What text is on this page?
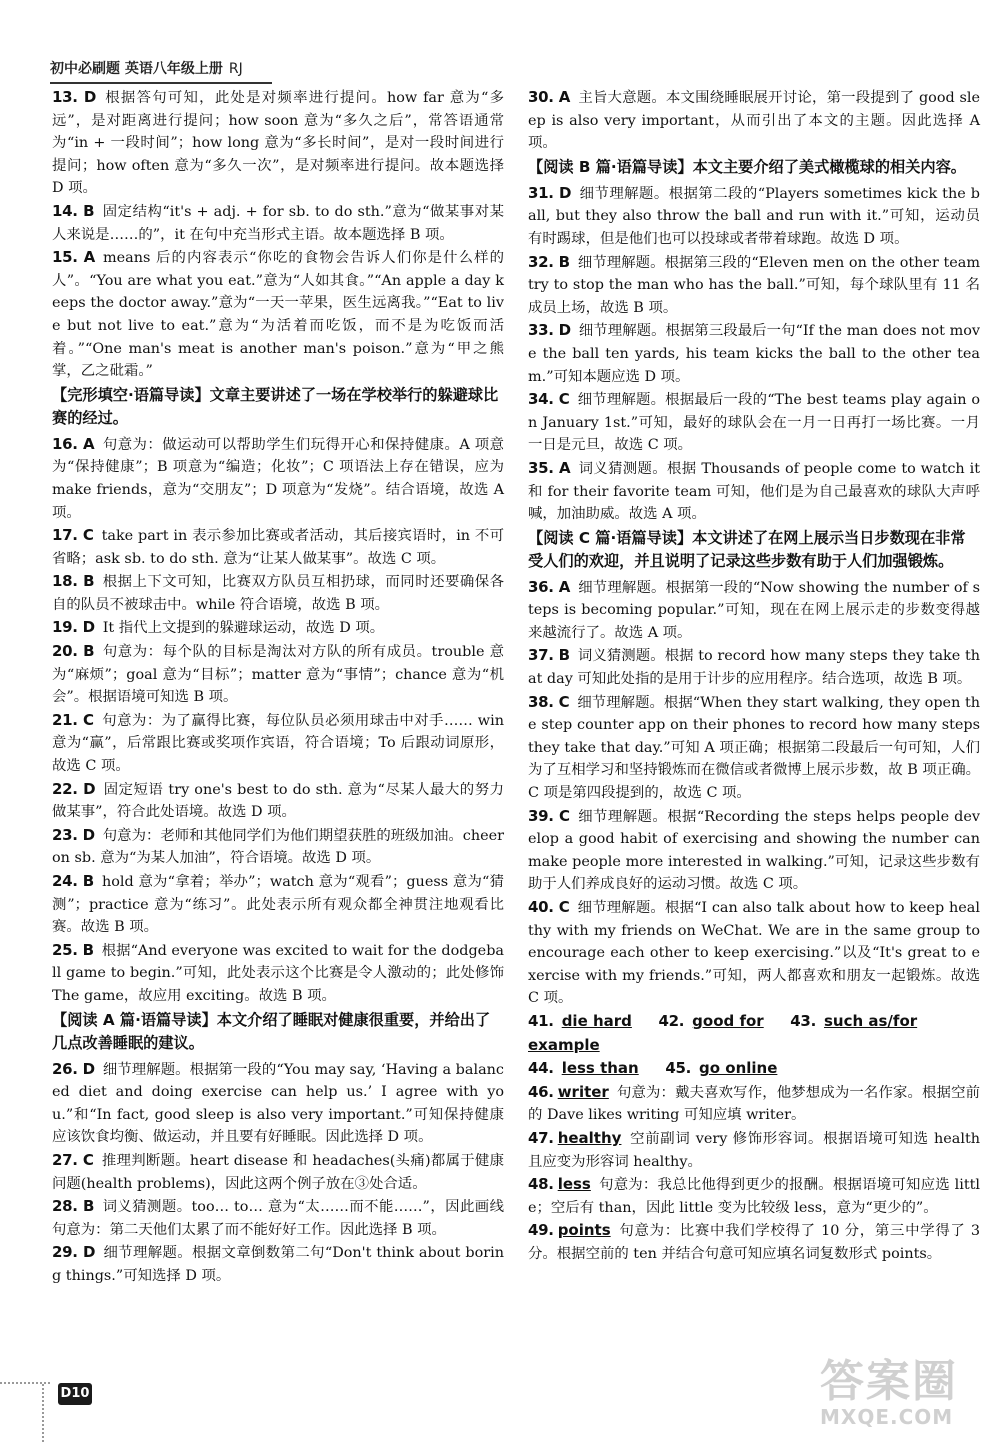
初中必刷题 英语八年级上册 RJ

13. D 根据答句可知，此处是对频率进行提问。how far 意为“多远”，是对距离进行提问；how soon 意为“多久之后”，常答语通常为“in + 一段时间”；how long 意为“多长时间”，是对一段时间进行提问；how often 意为“多久一次”，是对频率进行提问。故本题选择 D 项。

14. B 固定结构“it's + adj. + for sb. to do sth.”意为“做某事对某人来说是……的”，it 在句中充当形式主语。故本题选择 B 项。

15. A means 后的内容表示“你吃的食物会告诉人们你是什么样的人”。“You are what you eat.”意为“人如其食。”“An apple a day keeps the doctor away.”意为“一天一苹果，医生远离我。”“Eat to live but not live to eat.”意为“为活着而吃饭，而不是为吃饭而活着。”“One man's meat is another man's poison.”意为“甲之熊掌，乙之砒霜。”

【完形填空·语篇导读】文章主要讲述了一场在学校举行的躲避球比赛的经过。

16. A 句意为：做运动可以帮助学生们玩得开心和保持健康。A 项意为“保持健康”；B 项意为“编造；化妆”；C 项语法上存在错误，应为 make friends，意为“交朋友”；D 项意为“发烧”。结合语境，故选 A 项。

17. C take part in 表示参加比赛或者活动，其后接宾语时，in 不可省略；ask sb. to do sth. 意为“让某人做某事”。故选 C 项。

18. B 根据上下文可知，比赛双方队员互相扔球，而同时还要确保各自的队员不被球击中。while 符合语境，故选 B 项。

19. D It 指代上文提到的躲避球运动，故选 D 项。

20. B 句意为：每个队的目标是淘汰对方队的所有成员。trouble 意为“麻烦”；goal 意为“目标”；matter 意为“事情”；chance 意为“机会”。根据语境可知选 B 项。

21. C 句意为：为了赢得比赛，每位队员必须用球击中对手…… win 意为“赢”，后常跟比赛或奖项作宾语，符合语境；To 后跟动词原形，故选 C 项。

22. D 固定短语 try one's best to do sth. 意为“尽某人最大的努力做某事”，符合此处语境。故选 D 项。

23. D 句意为：老师和其他同学们为他们期望获胜的班级加油。cheer on sb. 意为“为某人加油”，符合语境。故选 D 项。

24. B hold 意为“拿着；举办”；watch 意为“观看”；guess 意为“猜测”；practice 意为“练习”。此处表示所有观众都全神贯注地观看比赛。故选 B 项。

25. B 根据“And everyone was excited to wait for the dodgeball game to begin.”可知，此处表示这个比赛是令人激动的；此处修饰 The game，故应用 exciting。故选 B 项。

【阅读 A 篇·语篇导读】本文介绍了睡眠对健康很重要，并给出了几点改善睡眠的建议。

26. D 细节理解题。根据第一段的“You may say, ‘Having a balanced diet and doing exercise can help us.’ I agree with you.”和“In fact, good sleep is also very important.”可知保持健康应该饮食均衡、做运动，并且要有好睡眠。因此选择 D 项。

27. C 推理判断题。heart disease 和 headaches(头痛)都属于健康问题(health problems)，因此这两个例子放在③处合适。

28. B 词义猜测题。too… to… 意为“太……而不能……”，因此画线句意为：第二天他们太累了而不能好好工作。因此选择 B 项。

29. D 细节理解题。根据文章倒数第二句“Don't think about boring things.”可知选择 D 项。

30. A 主旨大意题。本文围绕睡眠展开讨论，第一段提到了 good sleep is also very important，从而引出了本文的主题。因此选择 A 项。

【阅读 B 篇·语篇导读】本文主要介绍了美式橄榄球的相关内容。

31. D 细节理解题。根据第二段的“Players sometimes kick the ball, but they also throw the ball and run with it.”可知，运动员有时踢球，但是他们也可以投球或者带着球跑。故选 D 项。

32. B 细节理解题。根据第三段的“Eleven men on the other team try to stop the man who has the ball.”可知，每个球队里有 11 名成员上场，故选 B 项。

33. D 细节理解题。根据第三段最后一句“If the man does not move the ball ten yards, his team kicks the ball to the other team.”可知本题应选 D 项。

34. C 细节理解题。根据最后一段的“The best teams play again on January 1st.”可知，最好的球队会在一月一日再打一场比赛。一月一日是元旦，故选 C 项。

35. A 词义猜测题。根据 Thousands of people come to watch it 和 for their favorite team 可知，他们是为自己最喜欢的球队大声呼喊，加油助威。故选 A 项。

【阅读 C 篇·语篇导读】本文讲述了在网上展示当日步数现在非常受人们的欢迎，并且说明了记录这些步数有助于人们加强锻炼。

36. A 细节理解题。根据第一段的“Now showing the number of steps is becoming popular.”可知，现在在网上展示走的步数变得越来越流行了。故选 A 项。

37. B 词义猜测题。根据 to record how many steps they take that day 可知此处指的是用于计步的应用程序。结合选项，故选 B 项。

38. C 细节理解题。根据“When they start walking, they open the step counter app on their phones to record how many steps they take that day.”可知 A 项正确；根据第二段最后一句可知，人们为了互相学习和坚持锻炼而在微信或者微博上展示步数，故 B 项正确。C 项是第四段提到的，故选 C 项。

39. C 细节理解题。根据“Recording the steps helps people develop a good habit of exercising and showing the number can make people more interested in walking.”可知，记录这些步数有助于人们养成良好的运动习惯。故选 C 项。

40. C 细节理解题。根据“I can also talk about how to keep healthy with my friends on WeChat. We are in the same group to encourage each other to keep exercising.”以及“It's great to exercise with my friends.”可知，两人都喜欢和朋友一起锻炼。故选 C 项。

41. die hard 42. good for 43. such as/for example
44. less than 45. go online

46. writer 句意为：戴夫喜欢写作，他梦想成为一名作家。根据空前的 Dave likes writing 可知应填 writer。

47. healthy 空前副词 very 修饰形容词。根据语境可知选 health 且应变为形容词 healthy。

48. less 句意为：我总比他得到更少的报酬。根据语境可知应选 little；空后有 than，因此 little 变为比较级 less，意为“更少的”。

49. points 句意为：比赛中我们学校得了 10 分，第三中学得了 3 分。根据空前的 ten 并结合句意可知应填名词复数形式 points。

D10	答案圈
MXQE.COM
